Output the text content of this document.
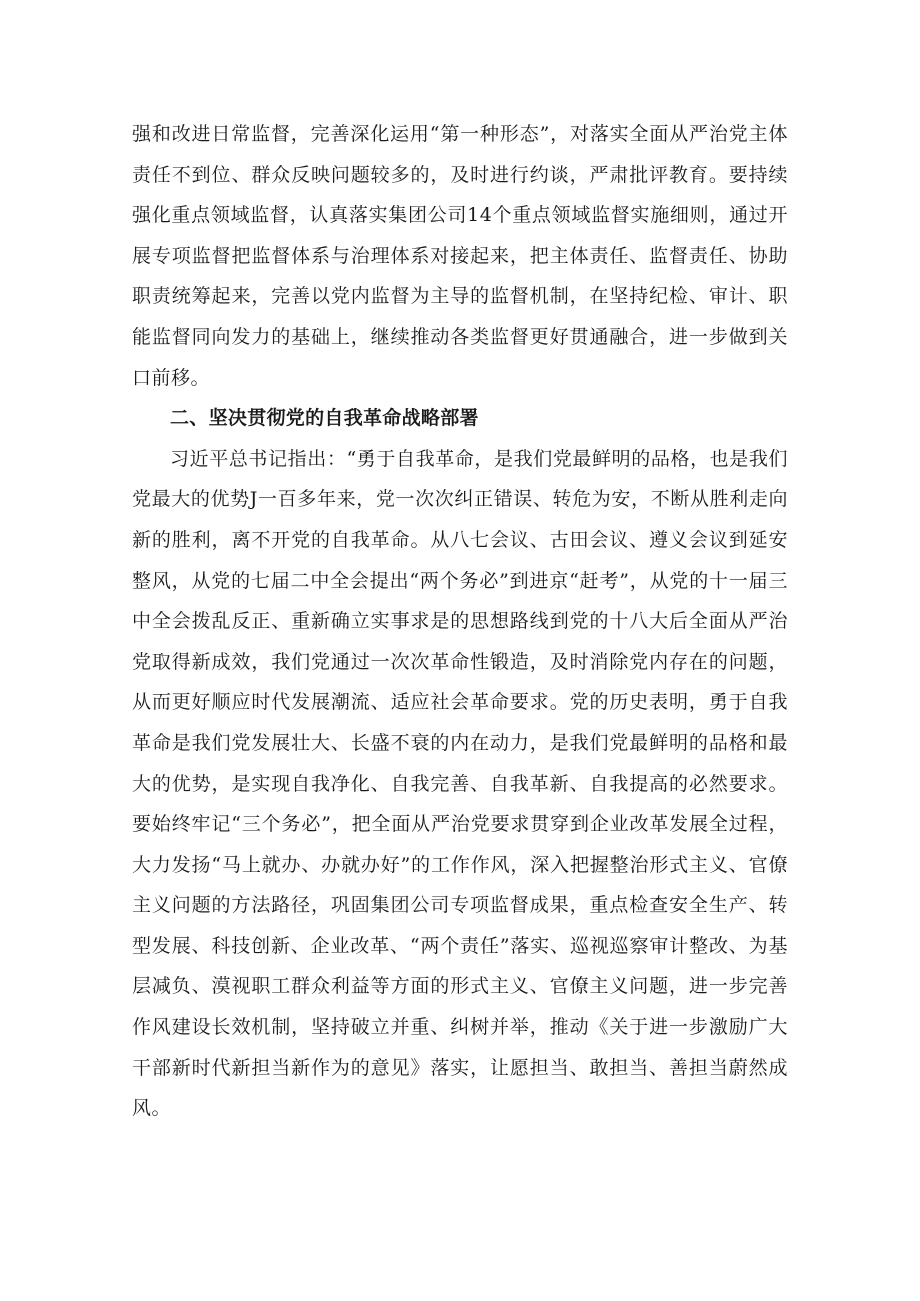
强和改进日常监督，完善深化运用“第一种形态”，对落实全面从严治党主体责任不到位、群众反映问题较多的，及时进行约谈，严肃批评教育。要持续强化重点领域监督，认真落实集团公司14个重点领域监督实施细则，通过开展专项监督把监督体系与治理体系对接起来，把主体责任、监督责任、协助职责统筹起来，完善以党内监督为主导的监督机制，在坚持纪检、审计、职能监督同向发力的基础上，继续推动各类监督更好贯通融合，进一步做到关口前移。

二、坚决贯彻党的自我革命战略部署

习近平总书记指出：“勇于自我革命，是我们党最鲜明的品格，也是我们党最大的优势J一百多年来，党一次次纠正错误、转危为安，不断从胜利走向新的胜利，离不开党的自我革命。从八七会议、古田会议、遵义会议到延安整风，从党的七届二中全会提出“两个务必”到进京“赶考”，从党的十一届三中全会拨乱反正、重新确立实事求是的思想路线到党的十八大后全面从严治党取得新成效，我们党通过一次次革命性锻造，及时消除党内存在的问题，从而更好顺应时代发展潮流、适应社会革命要求。党的历史表明，勇于自我革命是我们党发展壮大、长盛不衰的内在动力，是我们党最鲜明的品格和最大的优势，是实现自我净化、自我完善、自我革新、自我提高的必然要求。要始终牢记“三个务必”，把全面从严治党要求贯穿到企业改革发展全过程，大力发扬“马上就办、办就办好”的工作作风，深入把握整治形式主义、官僚主义问题的方法路径，巩固集团公司专项监督成果，重点检查安全生产、转型发展、科技创新、企业改革、“两个责任”落实、巡视巡察审计整改、为基层减负、漠视职工群众利益等方面的形式主义、官僚主义问题，进一步完善作风建设长效机制，坚持破立并重、纠树并举，推动《关于进一步激励广大干部新时代新担当新作为的意见》落实，让愿担当、敢担当、善担当蔚然成风。
